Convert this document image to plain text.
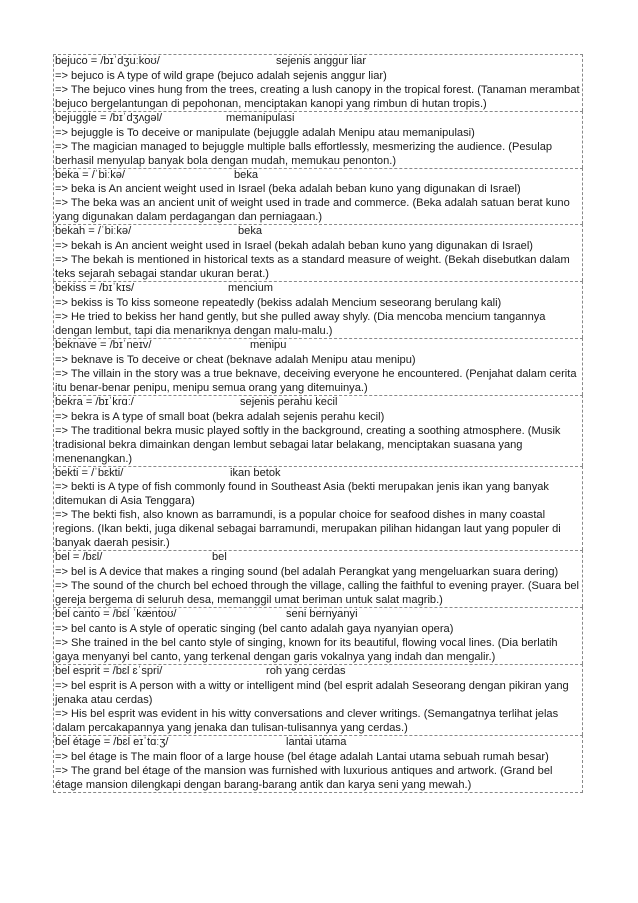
bejuco = /bɪˈdʒuːkoʊ/	sejenis anggur liar

=> bejuco is A type of wild grape (bejuco adalah sejenis anggur liar)

=> The bejuco vines hung from the trees, creating a lush canopy in the tropical forest. (Tanaman merambat bejuco bergelantungan di pepohonan, menciptakan kanopi yang rimbun di hutan tropis.)

bejuggle = /bɪˈdʒʌɡəl/	memanipulasi

=> bejuggle is To deceive or manipulate (bejuggle adalah Menipu atau memanipulasi)

=> The magician managed to bejuggle multiple balls effortlessly, mesmerizing the audience. (Pesulap berhasil menyulap banyak bola dengan mudah, memukau penonton.)

beka = /ˈbiːkə/	beka

=> beka is An ancient weight used in Israel (beka adalah beban kuno yang digunakan di Israel)

=> The beka was an ancient unit of weight used in trade and commerce. (Beka adalah satuan berat kuno yang digunakan dalam perdagangan dan perniagaan.)

bekah = /ˈbiːkə/	beka

=> bekah is An ancient weight used in Israel (bekah adalah beban kuno yang digunakan di Israel)

=> The bekah is mentioned in historical texts as a standard measure of weight. (Bekah disebutkan dalam teks sejarah sebagai standar ukuran berat.)

bekiss = /bɪˈkɪs/	mencium

=> bekiss is To kiss someone repeatedly (bekiss adalah Mencium seseorang berulang kali)

=> He tried to bekiss her hand gently, but she pulled away shyly. (Dia mencoba mencium tangannya dengan lembut, tapi dia menariknya dengan malu-malu.)

beknave = /bɪˈneɪv/	menipu

=> beknave is To deceive or cheat (beknave adalah Menipu atau menipu)

=> The villain in the story was a true beknave, deceiving everyone he encountered. (Penjahat dalam cerita itu benar-benar penipu, menipu semua orang yang ditemuinya.)

bekra = /bɪˈkrɑː/	sejenis perahu kecil

=> bekra is A type of small boat (bekra adalah sejenis perahu kecil)

=> The traditional bekra music played softly in the background, creating a soothing atmosphere. (Musik tradisional bekra dimainkan dengan lembut sebagai latar belakang, menciptakan suasana yang menenangkan.)

bekti = /ˈbɛkti/	ikan betok

=> bekti is A type of fish commonly found in Southeast Asia (bekti merupakan jenis ikan yang banyak ditemukan di Asia Tenggara)

=> The bekti fish, also known as barramundi, is a popular choice for seafood dishes in many coastal regions. (Ikan bekti, juga dikenal sebagai barramundi, merupakan pilihan hidangan laut yang populer di banyak daerah pesisir.)

bel = /bɛl/	bel

=> bel is A device that makes a ringing sound (bel adalah Perangkat yang mengeluarkan suara dering)

=> The sound of the church bel echoed through the village, calling the faithful to evening prayer. (Suara bel gereja bergema di seluruh desa, memanggil umat beriman untuk salat magrib.)

bel canto = /bɛl ˈkæntoʊ/	seni bernyanyi

=> bel canto is A style of operatic singing (bel canto adalah gaya nyanyian opera)

=> She trained in the bel canto style of singing, known for its beautiful, flowing vocal lines. (Dia berlatih gaya menyanyi bel canto, yang terkenal dengan garis vokalnya yang indah dan mengalir.)

bel esprit = /bɛl ɛˈspri/	roh yang cerdas

=> bel esprit is A person with a witty or intelligent mind (bel esprit adalah Seseorang dengan pikiran yang jenaka atau cerdas)

=> His bel esprit was evident in his witty conversations and clever writings. (Semangatnya terlihat jelas dalam percakapannya yang jenaka dan tulisan-tulisannya yang cerdas.)

bel étage = /bɛl eɪˈtɑːʒ/	lantai utama

=> bel étage is The main floor of a large house (bel étage adalah Lantai utama sebuah rumah besar)

=> The grand bel étage of the mansion was furnished with luxurious antiques and artwork. (Grand bel étage mansion dilengkapi dengan barang-barang antik dan karya seni yang mewah.)
